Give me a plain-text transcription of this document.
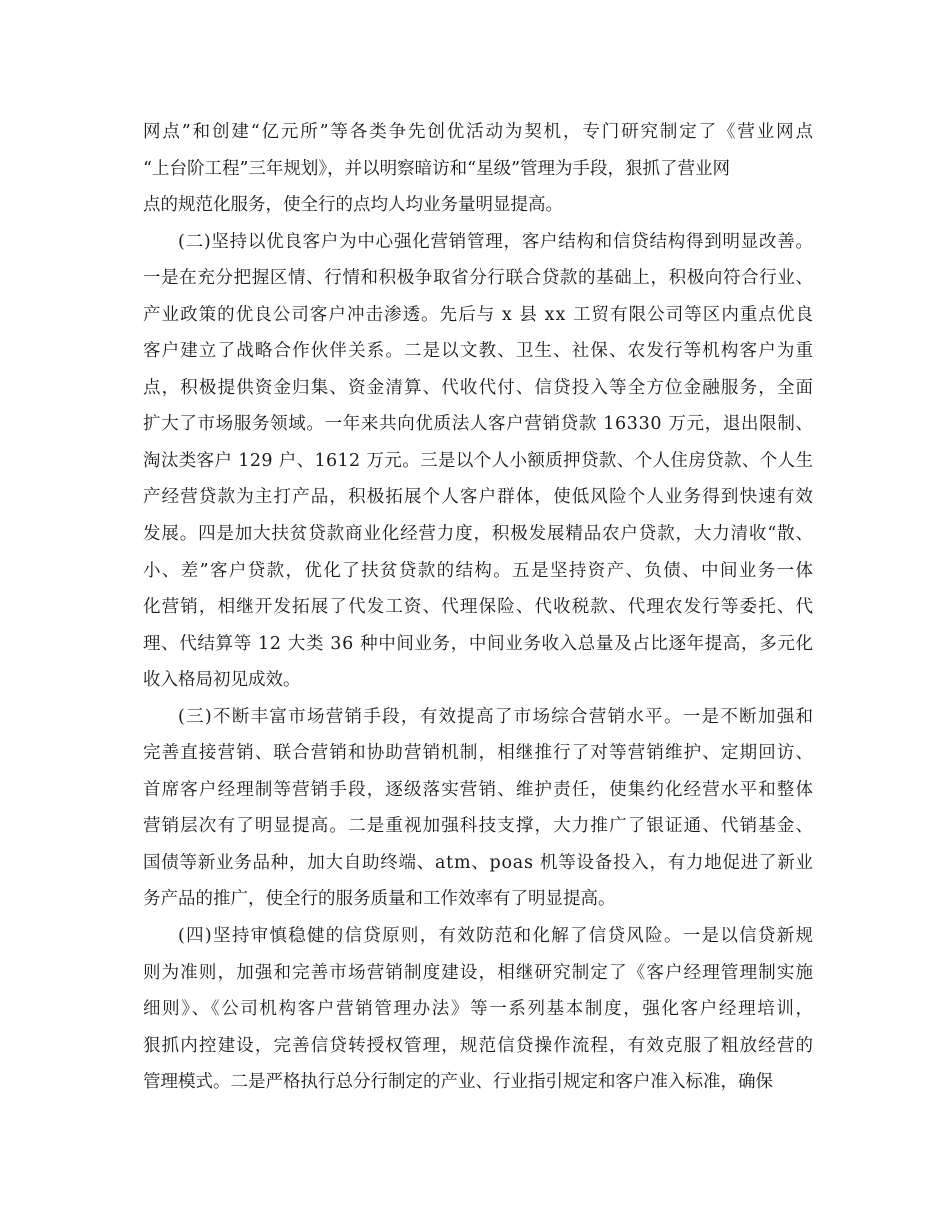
网点”和创建“亿元所”等各类争先创优活动为契机，专门研究制定了《营业网点
“上台阶工程”三年规划》，并以明察暗访和“星级”管理为手段，狠抓了营业网
点的规范化服务，使全行的点均人均业务量明显提高。
(二)坚持以优良客户为中心强化营销管理，客户结构和信贷结构得到明显改善。
一是在充分把握区情、行情和积极争取省分行联合贷款的基础上，积极向符合行业、
产业政策的优良公司客户冲击渗透。先后与 x 县 xx 工贸有限公司等区内重点优良
客户建立了战略合作伙伴关系。二是以文教、卫生、社保、农发行等机构客户为重
点，积极提供资金归集、资金清算、代收代付、信贷投入等全方位金融服务，全面
扩大了市场服务领域。一年来共向优质法人客户营销贷款 16330 万元，退出限制、
淘汰类客户 129 户、1612 万元。三是以个人小额质押贷款、个人住房贷款、个人生
产经营贷款为主打产品，积极拓展个人客户群体，使低风险个人业务得到快速有效
发展。四是加大扶贫贷款商业化经营力度，积极发展精品农户贷款，大力清收“散、
小、差”客户贷款，优化了扶贫贷款的结构。五是坚持资产、负债、中间业务一体
化营销，相继开发拓展了代发工资、代理保险、代收税款、代理农发行等委托、代
理、代结算等 12 大类 36 种中间业务，中间业务收入总量及占比逐年提高，多元化
收入格局初见成效。
(三)不断丰富市场营销手段，有效提高了市场综合营销水平。一是不断加强和
完善直接营销、联合营销和协助营销机制，相继推行了对等营销维护、定期回访、
首席客户经理制等营销手段，逐级落实营销、维护责任，使集约化经营水平和整体
营销层次有了明显提高。二是重视加强科技支撑，大力推广了银证通、代销基金、
国债等新业务品种，加大自助终端、atm、poas 机等设备投入，有力地促进了新业
务产品的推广，使全行的服务质量和工作效率有了明显提高。
(四)坚持审慎稳健的信贷原则，有效防范和化解了信贷风险。一是以信贷新规
则为准则，加强和完善市场营销制度建设，相继研究制定了《客户经理管理制实施
细则》、《公司机构客户营销管理办法》等一系列基本制度，强化客户经理培训，
狠抓内控建设，完善信贷转授权管理，规范信贷操作流程，有效克服了粗放经营的
管理模式。二是严格执行总分行制定的产业、行业指引规定和客户准入标准，确保
